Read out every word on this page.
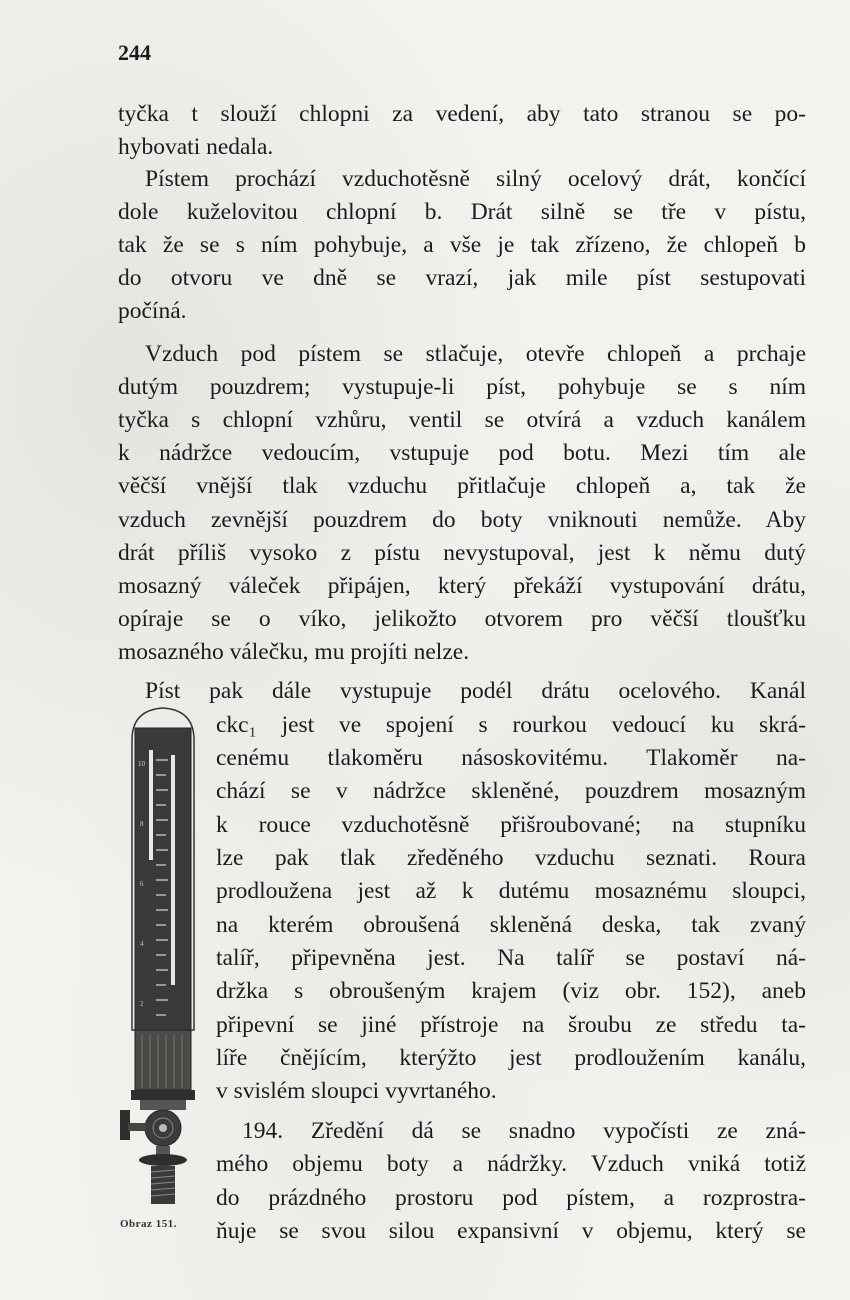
244
tyčka t slouží chlopni za vedení, aby tato stranou se po-
hybovati nedala.
Pístem prochází vzduchotěsně silný ocelový drát, končící
dole kuželovitou chlopní b. Drát silně se tře v pístu,
tak že se s ním pohybuje, a vše je tak zřízeno, že chlopeň b
do otvoru ve dně se vrazí, jak mile píst sestupovati
počíná.
Vzduch pod pístem se stlačuje, otevře chlopeň a prchaje
dutým pouzdrem; vystupuje-li píst, pohybuje se s ním
tyčka s chlopní vzhůru, ventil se otvírá a vzduch kanálem
k nádržce vedoucím, vstupuje pod botu. Mezi tím ale
věčší vnější tlak vzduchu přitlačuje chlopeň a, tak že
vzduch zevnější pouzdrem do boty vniknouti nemůže. Aby
drát příliš vysoko z pístu nevystupoval, jest k němu dutý
mosazný váleček připájen, který překáží vystupování drátu,
opíraje se o víko, jelikožto otvorem pro věčší tloušťku
mosazného válečku, mu projíti nelze.
Píst pak dále vystupuje podél drátu ocelového. Kanál
ckc₁ jest ve spojení s rourkou vedoucí ku skrá-
cenému tlakoměru násoskovitému. Tlakoměr na-
chází se v nádržce skleněné, pouzdrem mosazným
k rouce vzduchotěsně přišroubované; na stupníku
lze pak tlak zředěného vzduchu seznati. Roura
prodloužena jest až k dutému mosaznému sloupci,
na kterém obroušená skleněná deska, tak zvaný
talíř, připevněna jest. Na talíř se postaví ná-
držka s obroušeným krajem (viz obr. 152), aneb
připevní se jiné přístroje na šroubu ze středu ta-
líře čnějícím, kterýžto jest prodloužením kanálu,
v svislém sloupci vyvrtaného.
194. Zředění dá se snadno vypočísti ze zná-
mého objemu boty a nádržky. Vzduch vniká totiž
do prázdného prostoru pod pístem, a rozprostra-
ňuje se svou silou expansivní v objemu, který se
10
8
6
4
2
Obraz 151.
